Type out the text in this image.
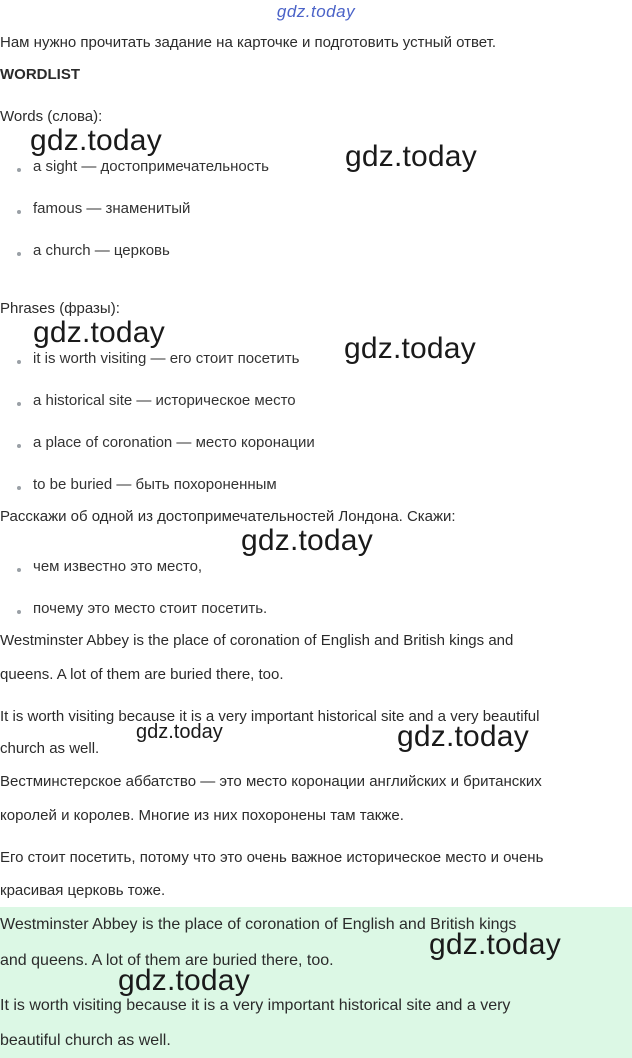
gdz.today
Нам нужно прочитать задание на карточке и подготовить устный ответ.
WORDLIST
Words (слова):
a sight — достопримечательность
famous — знаменитый
a church — церковь
Phrases (фразы):
it is worth visiting — его стоит посетить
a historical site — историческое место
a place of coronation — место коронации
to be buried — быть похороненным
Расскажи об одной из достопримечательностей Лондона. Скажи:
чем известно это место,
почему это место стоит посетить.
Westminster Abbey is the place of coronation of English and British kings and
queens. A lot of them are buried there, too.
It is worth visiting because it is a very important historical site and a very beautiful
church as well.
Вестминстерское аббатство — это место коронации английских и британских
королей и королев. Многие из них похоронены там также.
Его стоит посетить, потому что это очень важное историческое место и очень
красивая церковь тоже.
Westminster Abbey is the place of coronation of English and British kings
and queens. A lot of them are buried there, too.
It is worth visiting because it is a very important historical site and a very
beautiful church as well.
gdz.today	gdz.today
gdz.today	gdz.today
gdz.today
gdz.today	gdz.today
gdz.today
gdz.today
